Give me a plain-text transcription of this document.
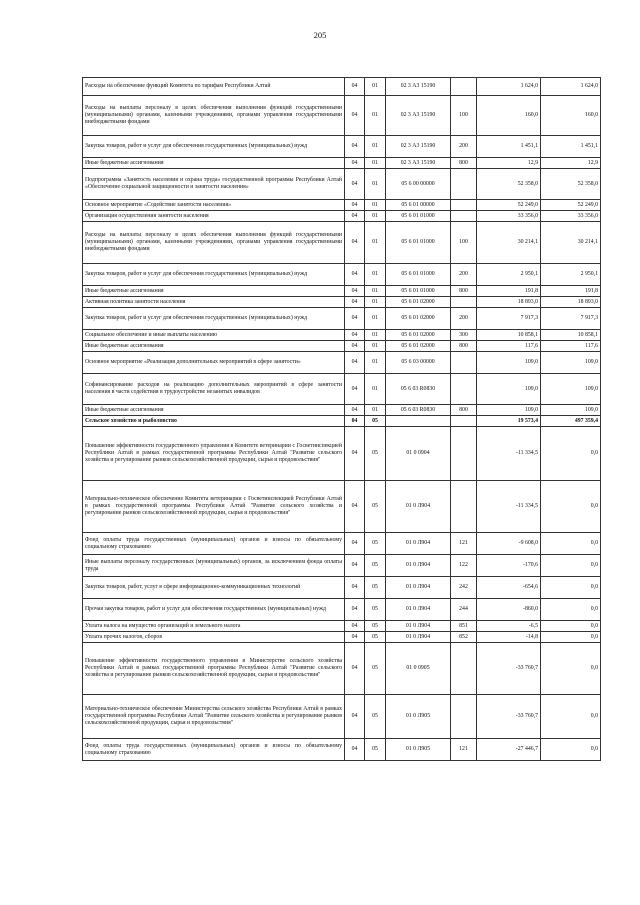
205
Расходы на обеспечение функций Комитета по тарифам Республики Алтай	04	01	02 3 А3 15190		1 624,0	1 624,0
Расходы на выплаты персоналу в целях обеспечения выполнения функций государственными (муниципальными) органами, казенными учреждениями, органами управления государственными внебюджетными фондами	04	01	02 3 А3 15190	100	160,0	160,0
Закупка товаров, работ и услуг для обеспечения государственных (муниципальных) нужд	04	01	02 3 А3 15190	200	1 451,1	1 451,1
Иные бюджетные ассигнования	04	01	02 3 А3 15190	800	12,9	12,9
Подпрограмма «Занятость населения и охрана труда» государственной программы Республики Алтай «Обеспечение социальной защищенности и занятости населения»	04	01	05 6 00 00000		52 358,0	52 358,0
Основное мероприятие «Содействие занятости населения»	04	01	05 6 01 00000		52 249,0	52 249,0
Организация осуществления занятости населения	04	01	05 6 01 01000		33 356,0	33 356,0
Расходы на выплаты персоналу в целях обеспечения выполнения функций государственными (муниципальными) органами, казенными учреждениями, органами управления государственными внебюджетными фондами	04	01	05 6 01 01000	100	30 214,1	30 214,1
Закупка товаров, работ и услуг для обеспечения государственных (муниципальных) нужд	04	01	05 6 01 01000	200	2 950,1	2 950,1
Иные бюджетные ассигнования	04	01	05 6 01 01000	800	191,8	191,8
Активная политика занятости населения	04	01	05 6 01 02000		18 893,0	18 893,0
Закупка товаров, работ и услуг для обеспечения государственных (муниципальных) нужд	04	01	05 6 01 02000	200	7 917,3	7 917,3
Социальное обеспечение и иные выплаты населению	04	01	05 6 01 02000	300	10 858,1	10 858,1
Иные бюджетные ассигнования	04	01	05 6 01 02000	800	117,6	117,6
Основное мероприятие «Реализация дополнительных мероприятий в сфере занятости»	04	01	05 6 03 00000		109,0	109,0
Софинансирование расходов на реализацию дополнительных мероприятий в сфере занятости населения в части содействия в трудоустройстве незанятых инвалидов	04	01	05 6 03 R0830		109,0	109,0
Иные бюджетные ассигнования	04	01	05 6 03 R0830	800	109,0	109,0
Сельское хозяйство и рыболовство	04	05			19 573,4	497 359,4
Повышение эффективности государственного управления в Комитете ветеринарии с Госветинспекцией Республики Алтай в рамках государственной программы Республики Алтай "Развитие сельского хозяйства и регулирование рынков сельскохозяйственной продукции, сырья и продовольствия"	04	05	01 0 0904		-11 334,5	0,0
Материально-техническое обеспечение Комитета ветеринарии с Госветинспекцией Республики Алтай в рамках государственной программы Республики Алтай "Развитие сельского хозяйства и регулирование рынков сельскохозяйственной продукции, сырья и продовольствия"	04	05	01 0 Л904		-11 334,5	0,0
Фонд оплаты труда государственных (муниципальных) органов и взносы по обязательному социальному страхованию	04	05	01 0 Л904	121	-9 608,0	0,0
Иные выплаты персоналу государственных (муниципальных) органов, за исключением фонда оплаты труда	04	05	01 0 Л904	122	-170,6	0,0
Закупка товаров, работ, услуг в сфере информационно-коммуникационных технологий	04	05	01 0 Л904	242	-654,6	0,0
Прочая закупка товаров, работ и услуг для обеспечения государственных (муниципальных) нужд	04	05	01 0 Л904	244	-860,0	0,0
Уплата налога на имущество организаций и земельного налога	04	05	01 0 Л904	851	-6,5	0,0
Уплата прочих налогов, сборов	04	05	01 0 Л904	852	-14,8	0,0
Повышение эффективности государственного управления в Министерстве сельского хозяйства Республики Алтай в рамках государственной программы Республики Алтай "Развитие сельского хозяйства и регулирование рынков сельскохозяйственной продукции, сырья и продовольствия"	04	05	01 0 0905		-33 760,7	0,0
Материально-техническое обеспечение Министерства сельского хозяйства Республики Алтай в рамках государственной программы Республики Алтай "Развитие сельского хозяйства и регулирование рынков сельскохозяйственной продукции, сырья и продовольствия"	04	05	01 0 Л905		-33 760,7	0,0
Фонд оплаты труда государственных (муниципальных) органов и взносы по обязательному социальному страхованию	04	05	01 0 Л905	121	-27 446,7	0,0
